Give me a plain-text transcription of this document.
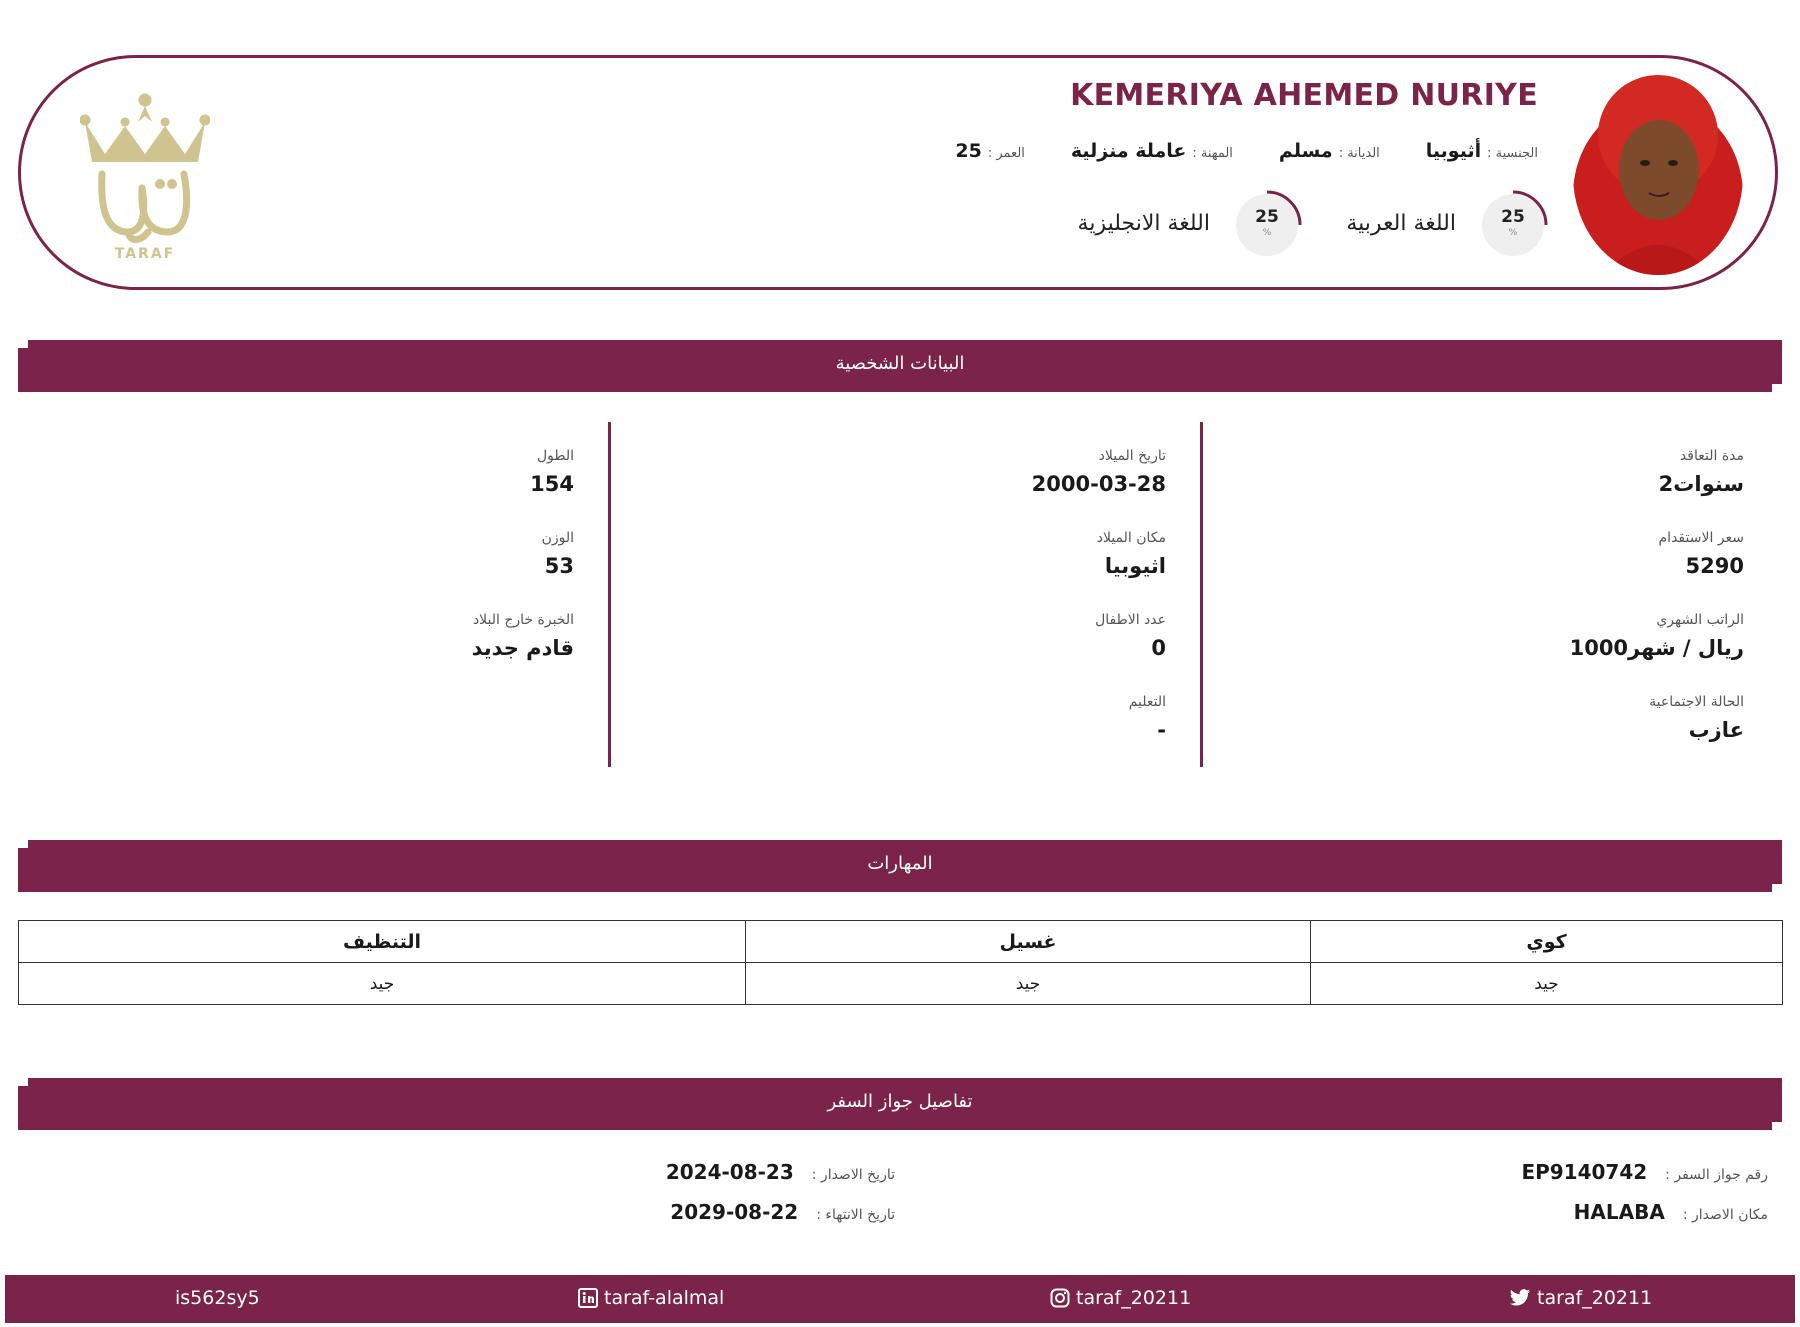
KEMERIYA AHEMED NURIYE
الجنسية :أثيوبيا
الديانة :مسلم
المهنة :عاملة منزلية
العمر :25
25
%
اللغة العربية
25
%
اللغة الانجليزية
TARAF
البيانات الشخصية
مدة التعاقد
2سنوات
سعر الاستقدام
5290
الراتب الشهري
1000ريال / شهر
الحالة الاجتماعية
عازب
تاريخ الميلاد
2000-03-28
مكان الميلاد
اثيوبيا
عدد الاطفال
0
التعليم
-
الطول
154
الوزن
53
الخبرة خارج البلاد
قادم جديد
المهارات
كوي	غسيل	التنظيف
جيد	جيد	جيد
تفاصيل جواز السفر
رقم جواز السفر :
EP9140742
مكان الاصدار :
HALABA
تاريخ الاصدار :
2024-08-23
تاريخ الانتهاء :
2029-08-22
is562sy5	taraf-alalmal	taraf_20211	taraf_20211
